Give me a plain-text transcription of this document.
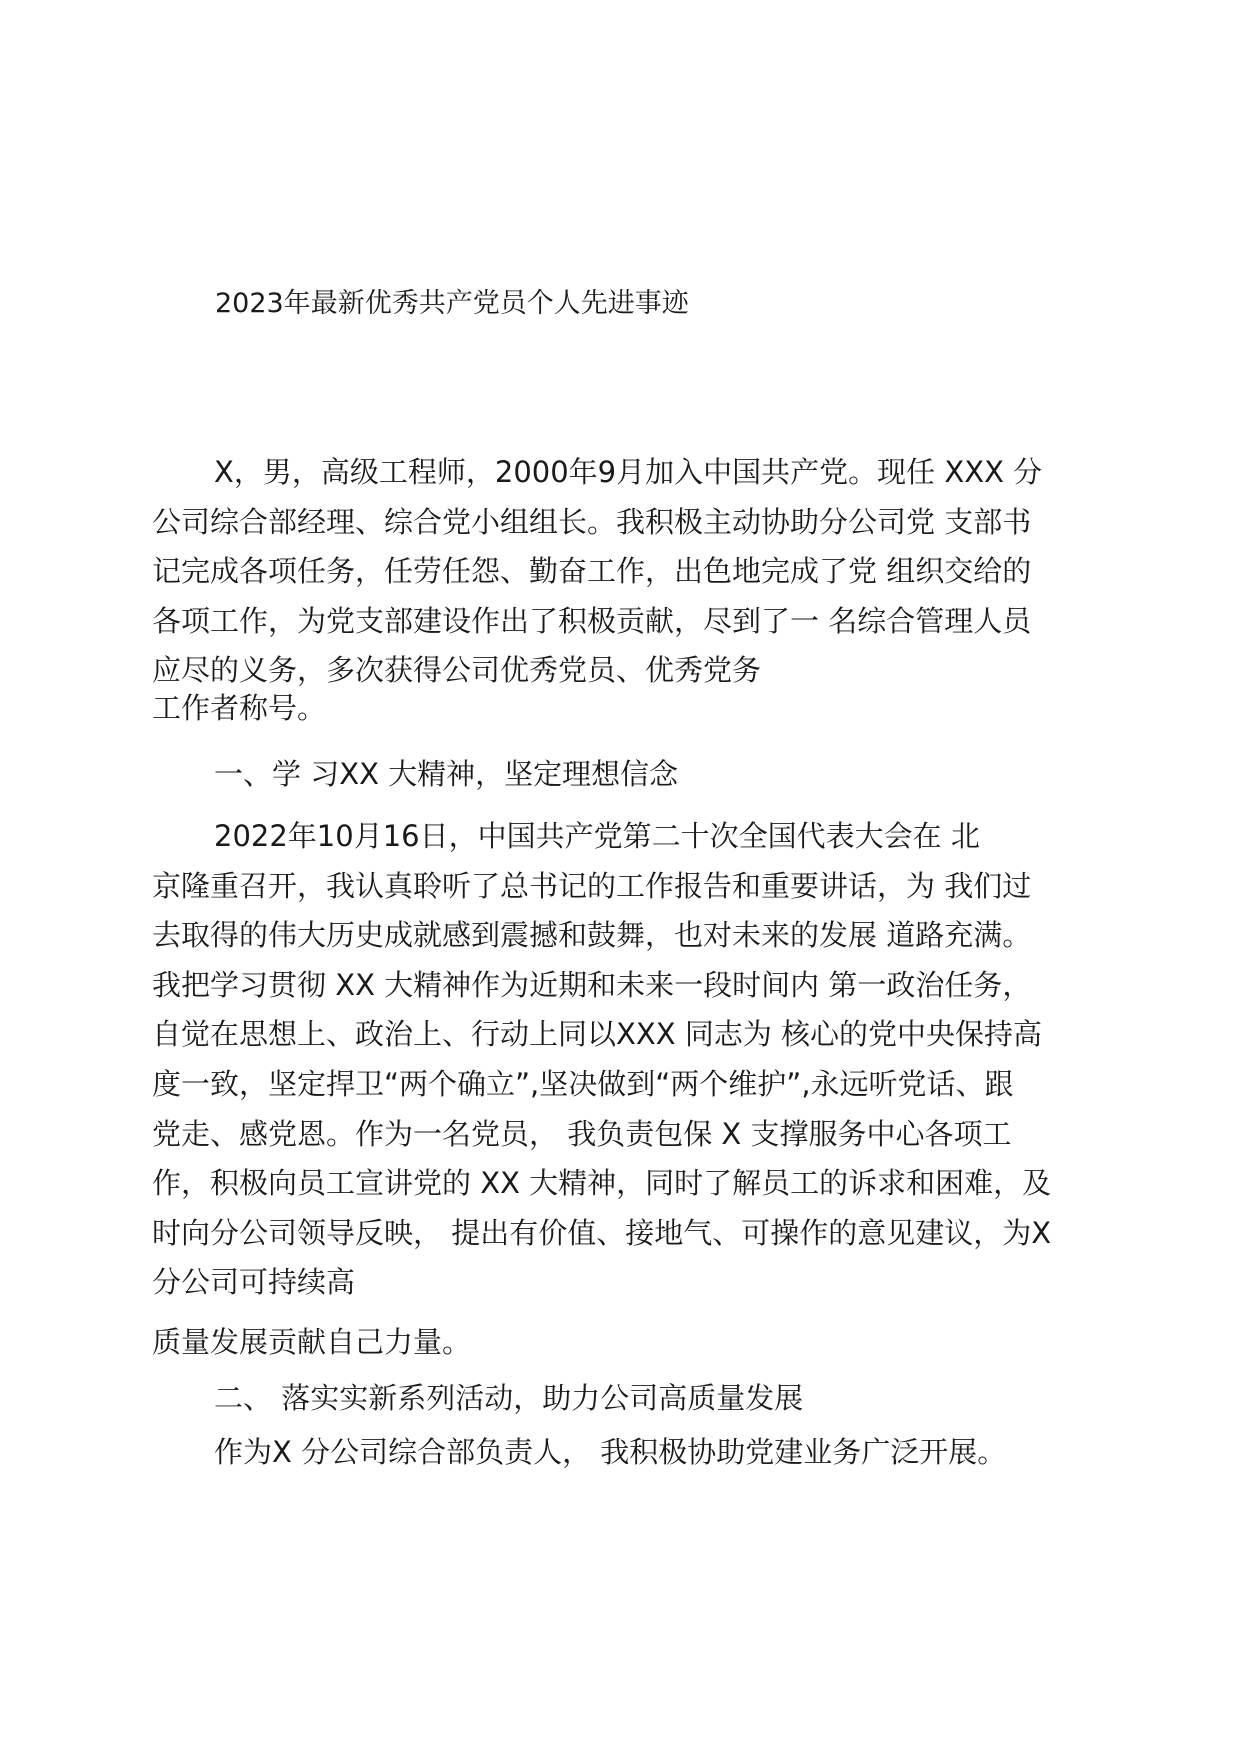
2023年最新优秀共产党员个人先进事迹
X，男，高级工程师，2000年9月加入中国共产党。现任 XXX 分
公司综合部经理、综合党小组组长。我积极主动协助分公司党 支部书
记完成各项任务，任劳任怨、勤奋工作，出色地完成了党 组织交给的
各项工作，为党支部建设作出了积极贡献，尽到了一 名综合管理人员
应尽的义务，多次获得公司优秀党员、优秀党务
工作者称号。
一、学 习XX 大精神，坚定理想信念
2022年10月16日，中国共产党第二十次全国代表大会在 北
京隆重召开，我认真聆听了总书记的工作报告和重要讲话，为 我们过
去取得的伟大历史成就感到震撼和鼓舞，也对未来的发展 道路充满。
我把学习贯彻 XX 大精神作为近期和未来一段时间内 第一政治任务，
自觉在思想上、政治上、行动上同以XXX 同志为 核心的党中央保持高
度一致，坚定捍卫“两个确立”,坚决做到“两个维护”,永远听党话、跟
党走、感党恩。作为一名党员， 我负责包保 X 支撑服务中心各项工
作，积极向员工宣讲党的 XX 大精神，同时了解员工的诉求和困难，及
时向分公司领导反映， 提出有价值、接地气、可操作的意见建议，为X
分公司可持续高
质量发展贡献自己力量。
二、 落实实新系列活动，助力公司高质量发展
作为X 分公司综合部负责人， 我积极协助党建业务广泛开展。
